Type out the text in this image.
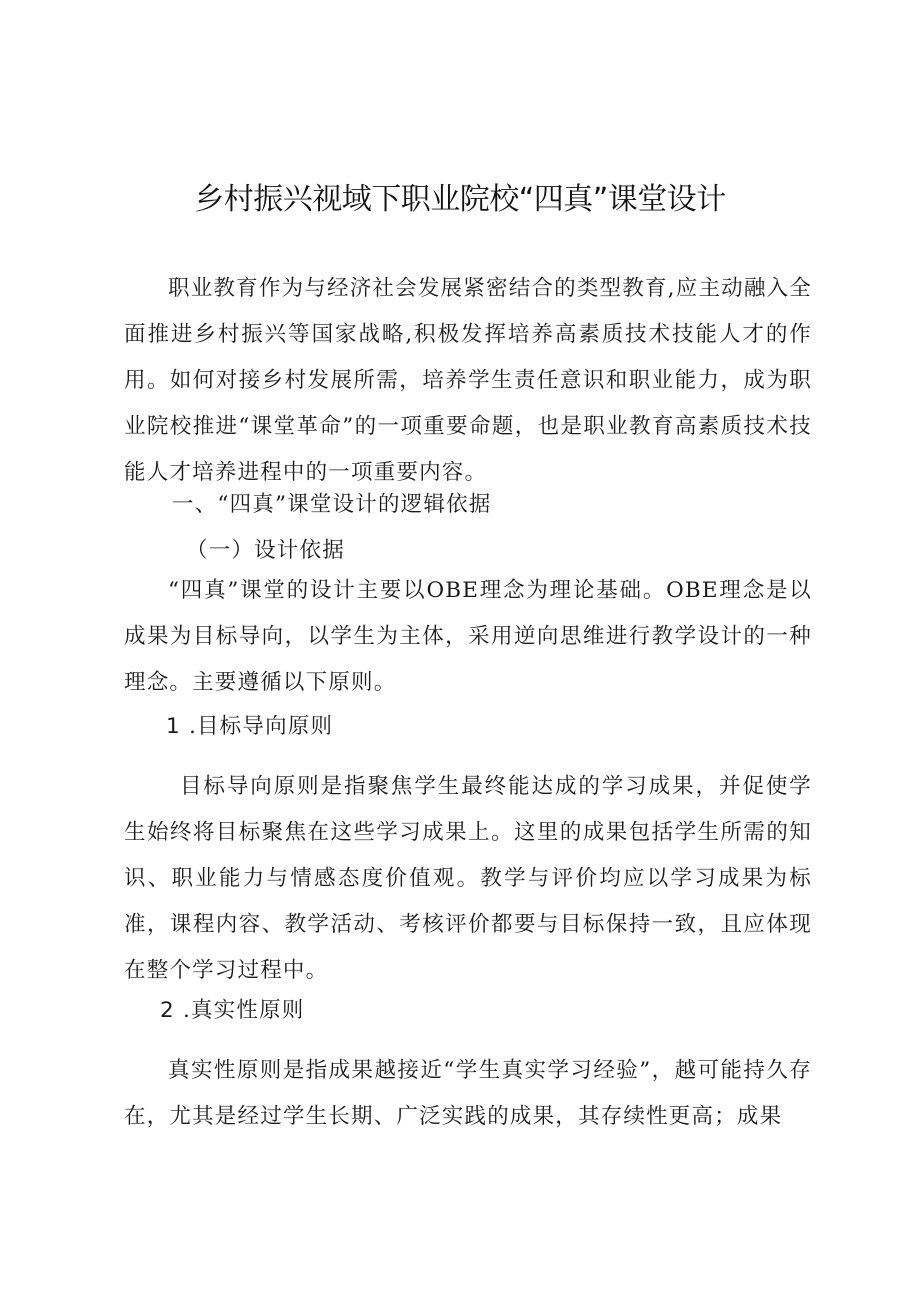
乡村振兴视域下职业院校“四真”课堂设计

职业教育作为与经济社会发展紧密结合的类型教育,应主动融入全面推进乡村振兴等国家战略,积极发挥培养高素质技术技能人才的作用。如何对接乡村发展所需，培养学生责任意识和职业能力，成为职业院校推进“课堂革命”的一项重要命题，也是职业教育高素质技术技能人才培养进程中的一项重要内容。

一、“四真”课堂设计的逻辑依据

（一）设计依据

“四真”课堂的设计主要以OBE理念为理论基础。OBE理念是以成果为目标导向，以学生为主体，采用逆向思维进行教学设计的一种理念。主要遵循以下原则。

1 .目标导向原则

目标导向原则是指聚焦学生最终能达成的学习成果，并促使学生始终将目标聚焦在这些学习成果上。这里的成果包括学生所需的知识、职业能力与情感态度价值观。教学与评价均应以学习成果为标准，课程内容、教学活动、考核评价都要与目标保持一致，且应体现在整个学习过程中。

2 .真实性原则

真实性原则是指成果越接近“学生真实学习经验”，越可能持久存在，尤其是经过学生长期、广泛实践的成果，其存续性更高；成果
